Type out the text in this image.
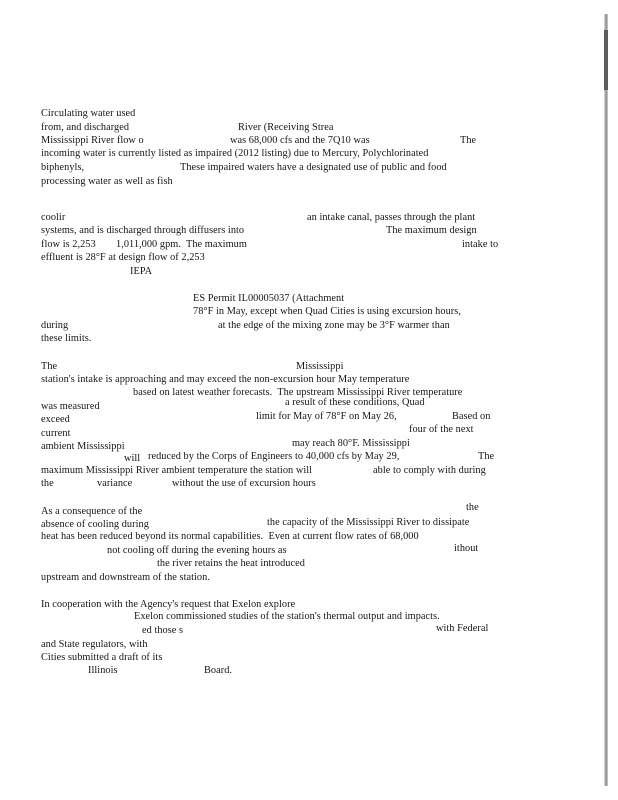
Circulating water used
from, and discharged	River (Receiving Strea
Mississippi River flow o	was 68,000 cfs and the 7Q10 was	The
incoming water is currently listed as impaired (2012 listing) due to Mercury, Polychlorinated
biphenyls,	These impaired waters have a designated use of public and food
processing water as well as fish
coolir	an intake canal, passes through the plant
systems, and is discharged through diffusers into	The maximum design
flow is 2,253 1,011,000 gpm.  The maximum	intake to
effluent is 28°F at design flow of 2,253
IEPA
ES Permit IL00005037 (Attachment
78°F in May, except when Quad Cities is using excursion hours,
during	at the edge of the mixing zone may be 3°F warmer than
these limits.
The	Mississippi
station's intake is approaching and may exceed the non-excursion hour May temperature
based on latest weather forecasts.  The upstream Mississippi River temperature
was measured	a result of these conditions, Quad
exceed	limit for May of 78°F on May 26,	Based on
current	four of the next
ambient Mississippi	may reach 80°F. Mississippi
will reduced by the Corps of Engineers to 40,000 cfs by May 29,	The
maximum Mississippi River ambient temperature the station will	able to comply with during
the	variance	without the use of excursion hours
As a consequence of the	the
absence of cooling during	the capacity of the Mississippi River to dissipate
heat has been reduced beyond its normal capabilities.  Even at current flow rates of 68,000
not cooling off during the evening hours as	ithout
the river retains the heat introduced
upstream and downstream of the station.
In cooperation with the Agency's request that Exelon explore
Exelon commissioned studies of the station's thermal output and impacts.
ed those s	with Federal
and State regulators, with
Cities submitted a draft of its
Illinois	Board.
